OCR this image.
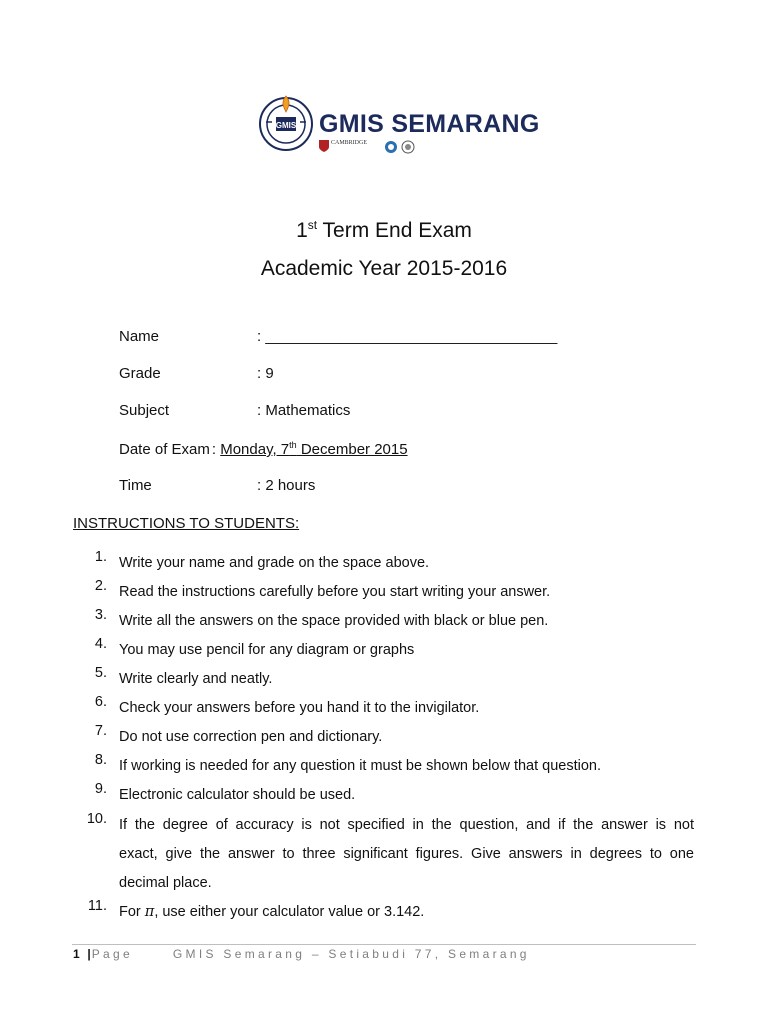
GMIS GMIS SEMARANG
CAMBRIDGE
1st Term End Exam
Academic Year 2015-2016
Name	: ___________________________________
Grade	: 9
Subject	: Mathematics
Date of Exam : Monday, 7th December 2015
Time	: 2 hours
INSTRUCTIONS TO STUDENTS:
1. Write your name and grade on the space above.
2. Read the instructions carefully before you start writing your answer.
3. Write all the answers on the space provided with black or blue pen.
4. You may use pencil for any diagram or graphs
5. Write clearly and neatly.
6. Check your answers before you hand it to the invigilator.
7. Do not use correction pen and dictionary.
8. If working is needed for any question it must be shown below that question.
9. Electronic calculator should be used.
10. If the degree of accuracy is not specified in the question, and if the answer is not
exact, give the answer to three significant figures. Give answers in degrees to one
decimal place.
11. For π, use either your calculator value or 3.142.
1 |Page	GMIS Semarang – Setiabudi 77, Semarang
